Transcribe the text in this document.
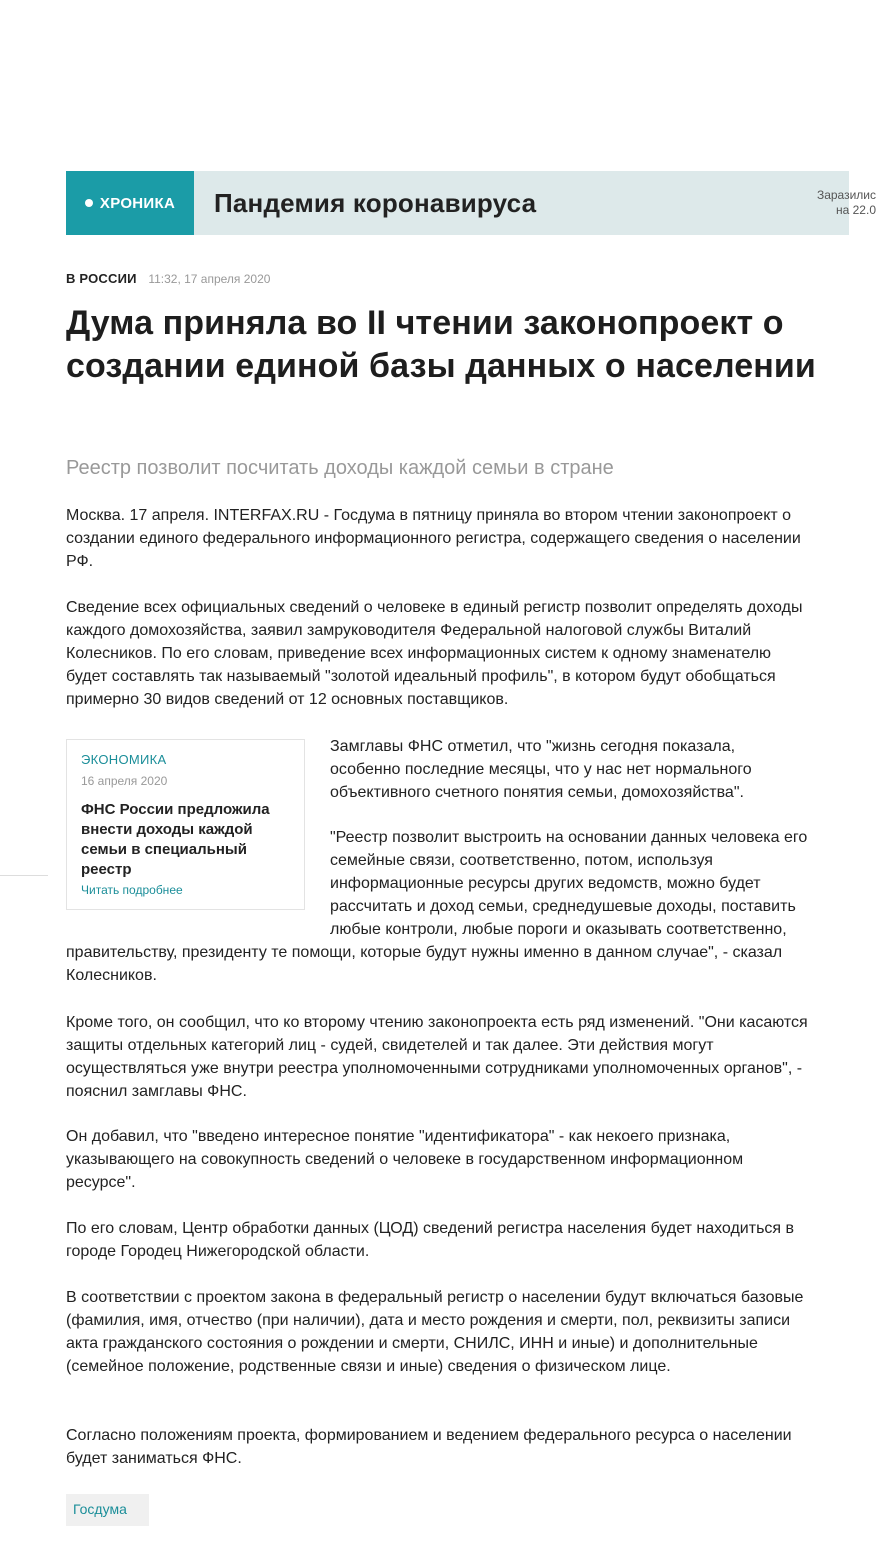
ХРОНИКА Пандемия коронавируса	Заразилис
на 22.0
В РОССИИ 11:32, 17 апреля 2020
Дума приняла во II чтении законопроект о создании единой базы данных о населении

Реестр позволит посчитать доходы каждой семьи в стране

Москва. 17 апреля. INTERFAX.RU - Госдума в пятницу приняла во втором чтении законопроект о создании единого федерального информационного регистра, содержащего сведения о населении РФ.

Сведение всех официальных сведений о человеке в единый регистр позволит определять доходы каждого домохозяйства, заявил замруководителя Федеральной налоговой службы Виталий Колесников. По его словам, приведение всех информационных систем к одному знаменателю будет составлять так называемый "золотой идеальный профиль", в котором будут обобщаться примерно 30 видов сведений от 12 основных поставщиков.

ЭКОНОМИКА
16 апреля 2020
ФНС России предложила внести доходы каждой семьи в специальный реестр
Читать подробнее

Замглавы ФНС отметил, что "жизнь сегодня показала, особенно последние месяцы, что у нас нет нормального объективного счетного понятия семьи, домохозяйства".

"Реестр позволит выстроить на основании данных человека его семейные связи, соответственно, потом, используя информационные ресурсы других ведомств, можно будет рассчитать и доход семьи, среднедушевые доходы, поставить любые контроли, любые пороги и оказывать соответственно, правительству, президенту те помощи, которые будут нужны именно в данном случае", - сказал Колесников.

Кроме того, он сообщил, что ко второму чтению законопроекта есть ряд изменений. "Они касаются защиты отдельных категорий лиц - судей, свидетелей и так далее. Эти действия могут осуществляться уже внутри реестра уполномоченными сотрудниками уполномоченных органов", - пояснил замглавы ФНС.

Он добавил, что "введено интересное понятие "идентификатора" - как некоего признака, указывающего на совокупность сведений о человеке в государственном информационном ресурсе".

По его словам, Центр обработки данных (ЦОД) сведений регистра населения будет находиться в городе Городец Нижегородской области.

В соответствии с проектом закона в федеральный регистр о населении будут включаться базовые (фамилия, имя, отчество (при наличии), дата и место рождения и смерти, пол, реквизиты записи акта гражданского состояния о рождении и смерти, СНИЛС, ИНН и иные) и дополнительные (семейное положение, родственные связи и иные) сведения о физическом лице.

Согласно положениям проекта, формированием и ведением федерального ресурса о населении будет заниматься ФНС.

Госдума
